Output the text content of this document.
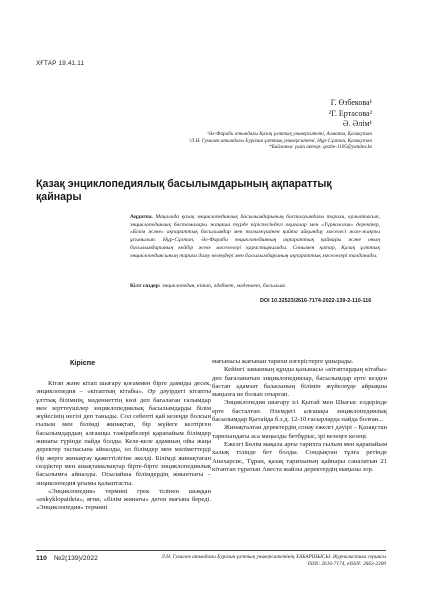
ХҒТАР 19.41.11
Г. Өзбекова¹
²Г. Ертасова²
Ә. Әлім¹
¹Әл-Фараби атындағы Қазақ ұлттық университеті, Алматы, Қазақстан
²Л.Н. Гумилев атындағы Еуразия ұлттық университеті, Нұр-Сұлтан, Қазақстан
*Байланыс үшін автор: gozbe-1105@yandex.kz
Қазақ энциклопедиялық басылымдарының ақпараттық қайнары
Аңдатпа. Мақалада қазақ энциклопедиялық басылымдарының басталуындағы тарихи, қалыптасып, энциклопедиялық бастамалары жаңаша түрде кіріспесіндегі оқиғалар мен «Түркология» деректер, «Білім және» ақпараттық басылымдар мен тоғызкүшінен қайта айқындау мәселесі жан-жақты ұсынылып. Нұр-Сұлтан, Әл-Фараби энциклопедияның ақпараттық қайнары және оның басылымдарының кейбір жеке мәселелері қарастырылады. Сонымен қатар, Қазақ ұлттық энциклопедиясының тарихи даму кезеңдері мен басылымдарының ақпараттық мәселелері талданады.
Кілт сөздер: энциклопедия, кітап, әдебиет, мәдениет, басылым.
DOI 10.32523/2616-7174-2022-139-2-110-116
Кіріспе

Кітап және кітап шығару қоғаммен бірге дамиды десек, энциклопедия – «кітаптың кітабы». Әр дәуірдегі кітапты ұлттық білімнің, мәдениеттің көзі деп бағалаған ғалымдар мен зерттеушілер энциклопедиялық басылымдарды білім жүйесінің негізі деп таныды. Сол себепті қай кезеңде болсын ғылым мен білімді жинақтап, бір жүйеге келтірген басылымдардың алғашқы тәжірибелері қарапайым білімдер жинағы түрінде пайда болды. Келе-келе адамның ойы жаңа деректер таспасына айналды, ол білімдер мен мәліметтерді бір жерге жинақтау қажеттілігіне әкелді. Білімді жинақтаған сөздіктер мен анықтамалықтар бірте-бірте энциклопедиялық басылымға айналды. Осылайша білімдердің жиынтығы – энциклопедия ұғымы қалыптасты.

«Энциклопедия» термині грек тілінен шыққан «enkyklopaideia», яғни, «білім жинағы» деген мағына береді. «Энциклопедия» термині

мағынасы жағынан тарихи өзгерістерге ұшырады.

Кейінгі заманның құнды қазынасы «кітаптардың кітабы» деп бағаланатын энциклопедиялар, басылымдар ерте кезден бастап адамзат баласының білімін жүйелеуде айрықша маңызға ие болып отырған.

Энциклопедия шығару ісі Қытай мен Шығыс елдерінде ерте басталған. Әлемдегі алғашқы энциклопедиялық басылымдар Қытайда б.з.д. 12-10 ғасырларда пайда болған...

Жинақталған деректердің сонау ежелгі дәуірі – Қазақстан тарихындағы аса маңызды бетбұрыс, ірі кезеңге кезеңі.

Ежелгі Бөлім мақала арғы тарихта ғылым мен қарапайым халық тілінде бет болды. Сондықтан тұлға ретінде Анахарсис, Тұран, қазақ тарихының қайнары саналатын 21 кітаптан тұратын Авеста жайлы деректердің маңызы зор.

110 №2(139)/2022	Л.Н. Гумилев атындағы Еуразия ұлттық университетінің ХАБАРШЫСЫ. Журналистика сериясы
ISSN: 2616-7174, eISSN: 2663-2300
